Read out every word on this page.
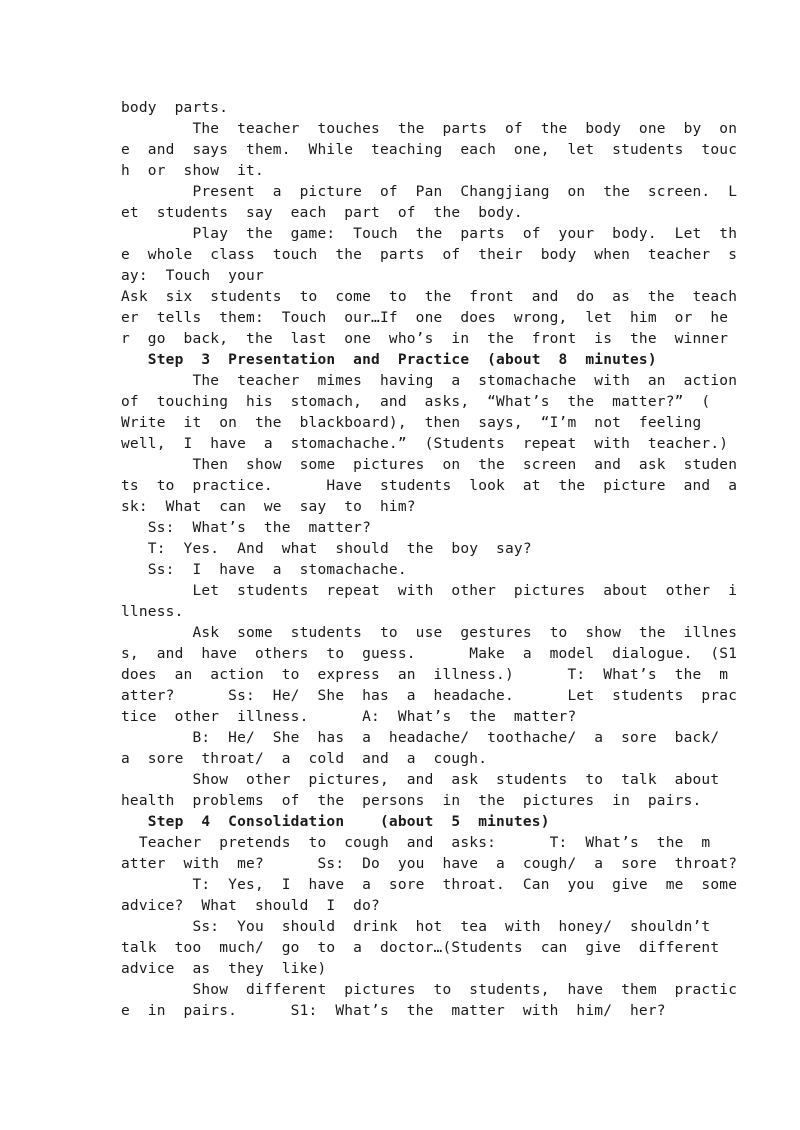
body  parts.
The  teacher  touches  the  parts  of  the  body  one  by  on
e  and  says  them.  While  teaching  each  one,  let  students  touc
h  or  show  it.
Present  a  picture  of  Pan  Changjiang  on  the  screen.  L
et  students  say  each  part  of  the  body.
Play  the  game:  Touch  the  parts  of  your  body.  Let  th
e  whole  class  touch  the  parts  of  their  body  when  teacher  s
ay:  Touch  your
Ask  six  students  to  come  to  the  front  and  do  as  the  teach
er  tells  them:  Touch  our…If  one  does  wrong,  let  him  or  he
r  go  back,  the  last  one  who’s  in  the  front  is  the  winner
Step  3  Presentation  and  Practice  (about  8  minutes)
The  teacher  mimes  having  a  stomachache  with  an  action
of  touching  his  stomach,  and  asks,  “What’s  the  matter?”  (
Write  it  on  the  blackboard),  then  says,  “I’m  not  feeling
well,  I  have  a  stomachache.”  (Students  repeat  with  teacher.)
Then  show  some  pictures  on  the  screen  and  ask  studen
ts  to  practice.      Have  students  look  at  the  picture  and  a
sk:  What  can  we  say  to  him?
Ss:  What’s  the  matter?
T:  Yes.  And  what  should  the  boy  say?
Ss:  I  have  a  stomachache.
Let  students  repeat  with  other  pictures  about  other  i
llness.
Ask  some  students  to  use  gestures  to  show  the  illnes
s,  and  have  others  to  guess.      Make  a  model  dialogue.  (S1
does  an  action  to  express  an  illness.)      T:  What’s  the  m
atter?      Ss:  He/  She  has  a  headache.      Let  students  prac
tice  other  illness.      A:  What’s  the  matter?
B:  He/  She  has  a  headache/  toothache/  a  sore  back/
a  sore  throat/  a  cold  and  a  cough.
Show  other  pictures,  and  ask  students  to  talk  about
health  problems  of  the  persons  in  the  pictures  in  pairs.
Step  4  Consolidation    (about  5  minutes)
Teacher  pretends  to  cough  and  asks:      T:  What’s  the  m
atter  with  me?      Ss:  Do  you  have  a  cough/  a  sore  throat?
T:  Yes,  I  have  a  sore  throat.  Can  you  give  me  some
advice?  What  should  I  do?
Ss:  You  should  drink  hot  tea  with  honey/  shouldn’t
talk  too  much/  go  to  a  doctor…(Students  can  give  different
advice  as  they  like)
Show  different  pictures  to  students,  have  them  practic
e  in  pairs.      S1:  What’s  the  matter  with  him/  her?
